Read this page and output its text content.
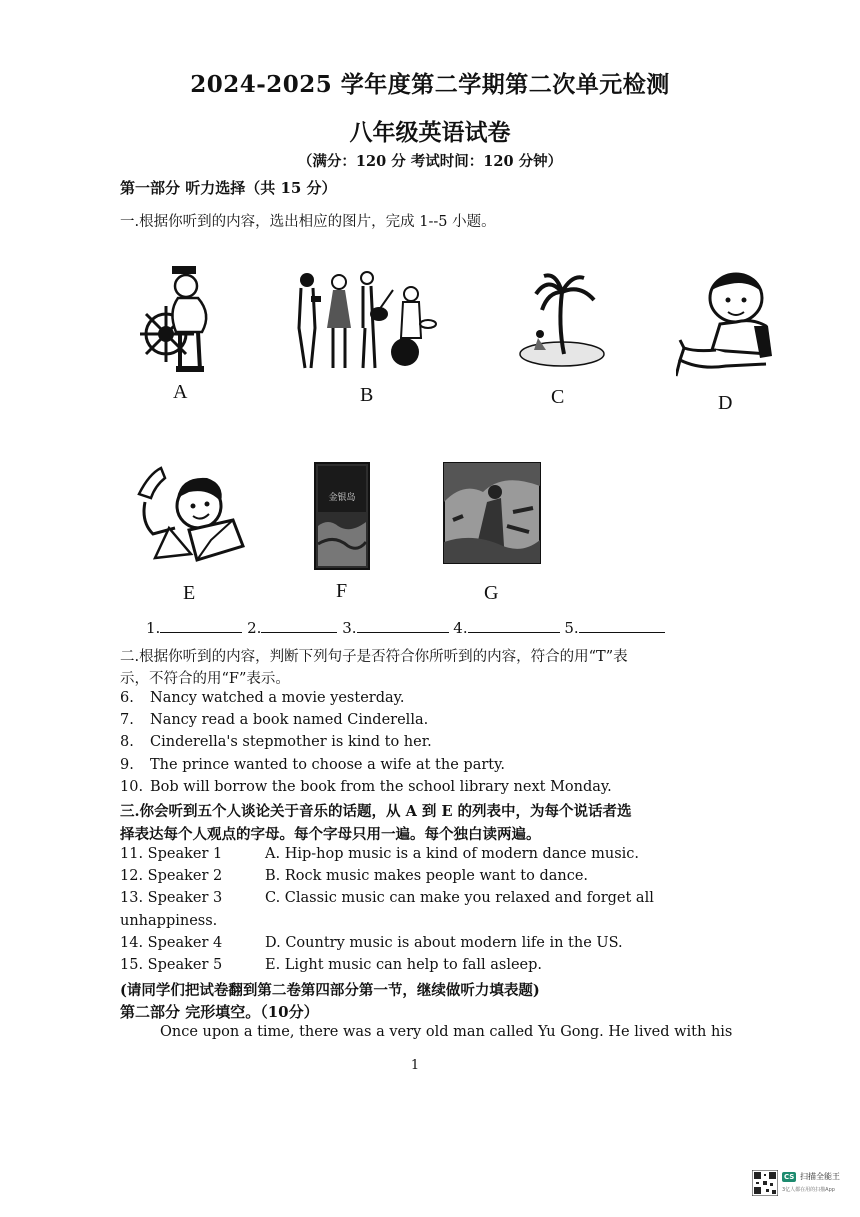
2024-2025 学年度第二学期第二次单元检测
八年级英语试卷
（满分：120 分 考试时间：120 分钟）
第一部分 听力选择（共 15 分）
一.根据你听到的内容，选出相应的图片，完成 1--5 小题。
A	B	C	D
E
金银岛
F	G
1.	2.	3.	4.	5.
二.根据你听到的内容，判断下列句子是否符合你所听到的内容，符合的用“T”表
示，不符合的用“F”表示。
6. Nancy watched a movie yesterday.
7. Nancy read a book named Cinderella.
8. Cinderella's stepmother is kind to her.
9. The prince wanted to choose a wife at the party.
10. Bob will borrow the book from the school library next Monday.
三.你会听到五个人谈论关于音乐的话题，从 A 到 E 的列表中，为每个说话者选
择表达每个人观点的字母。每个字母只用一遍。每个独白读两遍。
11. Speaker 1	A. Hip-hop music is a kind of modern dance music.
12. Speaker 2	B. Rock music makes people want to dance.
13. Speaker 3	C. Classic music can make you relaxed and forget all
unhappiness.
14. Speaker 4	D. Country music is about modern life in the US.
15. Speaker 5	E. Light music can help to fall asleep.
(请同学们把试卷翻到第二卷第四部分第一节，继续做听力填表题)
第二部分 完形填空。（10分）
Once upon a time, there was a very old man called Yu Gong. He lived with his
1
CS 扫描全能王
3亿人都在用的扫描App
